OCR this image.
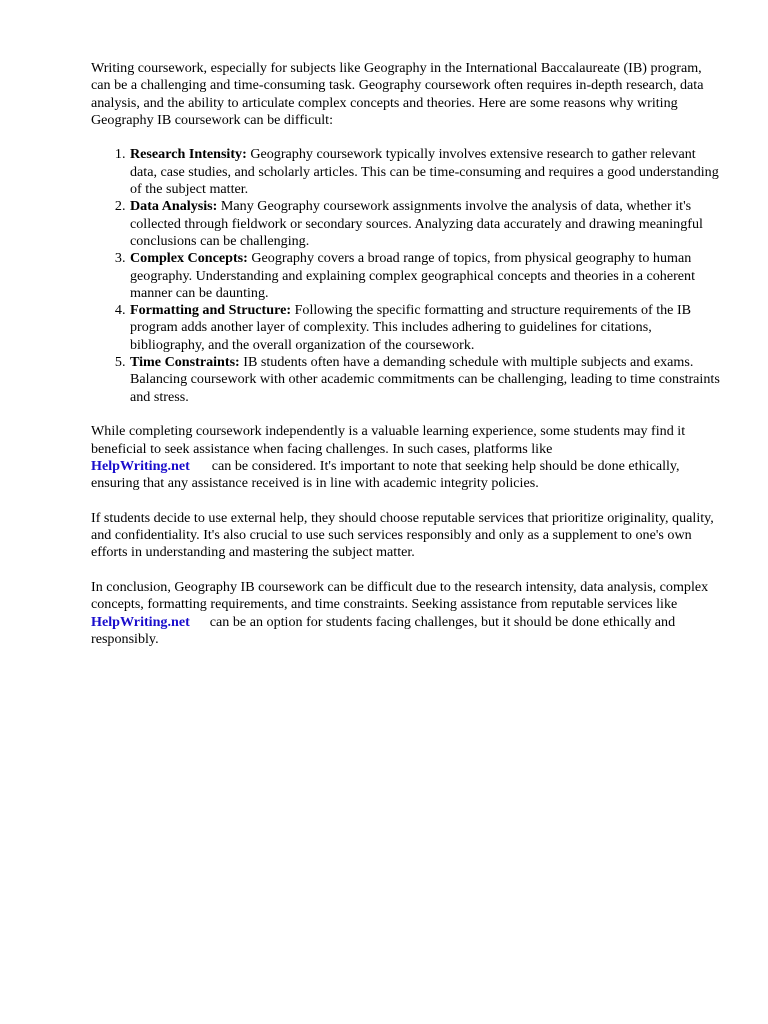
Writing coursework, especially for subjects like Geography in the International Baccalaureate (IB) program, can be a challenging and time-consuming task. Geography coursework often requires in-depth research, data analysis, and the ability to articulate complex concepts and theories. Here are some reasons why writing Geography IB coursework can be difficult:

1. Research Intensity: Geography coursework typically involves extensive research to gather relevant data, case studies, and scholarly articles. This can be time-consuming and requires a good understanding of the subject matter.
2. Data Analysis: Many Geography coursework assignments involve the analysis of data, whether it's collected through fieldwork or secondary sources. Analyzing data accurately and drawing meaningful conclusions can be challenging.
3. Complex Concepts: Geography covers a broad range of topics, from physical geography to human geography. Understanding and explaining complex geographical concepts and theories in a coherent manner can be daunting.
4. Formatting and Structure: Following the specific formatting and structure requirements of the IB program adds another layer of complexity. This includes adhering to guidelines for citations, bibliography, and the overall organization of the coursework.
5. Time Constraints: IB students often have a demanding schedule with multiple subjects and exams. Balancing coursework with other academic commitments can be challenging, leading to time constraints and stress.

While completing coursework independently is a valuable learning experience, some students may find it beneficial to seek assistance when facing challenges. In such cases, platforms like
HelpWriting.net can be considered. It's important to note that seeking help should be done ethically, ensuring that any assistance received is in line with academic integrity policies.

If students decide to use external help, they should choose reputable services that prioritize originality, quality, and confidentiality. It's also crucial to use such services responsibly and only as a supplement to one's own efforts in understanding and mastering the subject matter.

In conclusion, Geography IB coursework can be difficult due to the research intensity, data analysis, complex concepts, formatting requirements, and time constraints. Seeking assistance from reputable services likeHelpWriting.net can be an option for students facing challenges, but it should be done ethically and responsibly.
